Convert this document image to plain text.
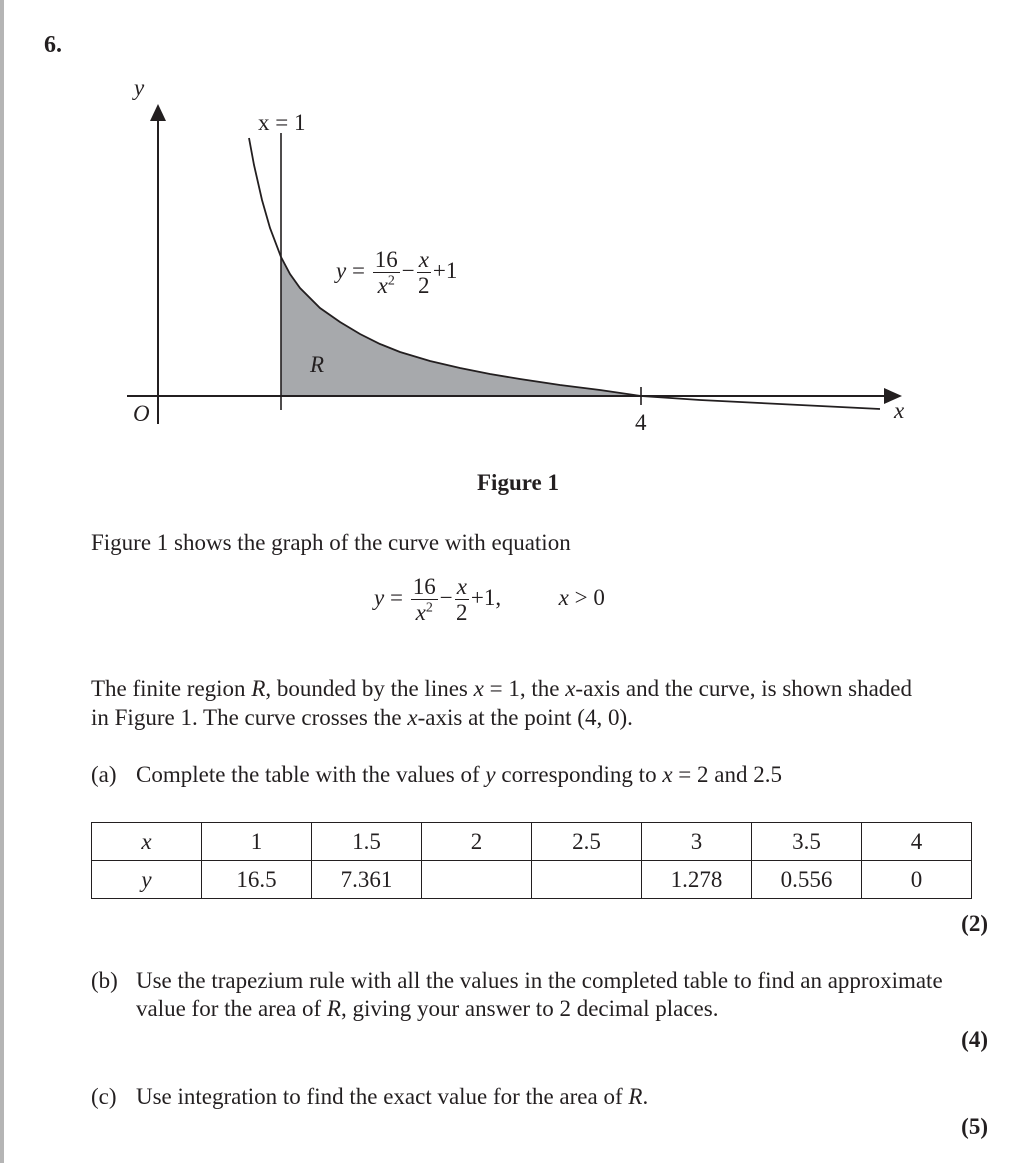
6.
y
x
O
x = 1
4
R
$y = \frac{16}{x^2} - \frac{x}{2} +1$
Figure 1
Figure 1 shows the graph of the curve with equation
$y = \frac{16}{x^2} - \frac{x}{2} +1$,	x > 0
The finite region R, bounded by the lines x = 1, the x-axis and the curve, is shown shaded
in Figure 1. The curve crosses the x-axis at the point (4, 0).
(a) Complete the table with the values of y corresponding to x = 2 and 2.5
x	1	1.5	2	2.5	3	3.5	4
y	16.5	7.361			1.278	0.556	0
(2)
(b) Use the trapezium rule with all the values in the completed table to find an approximate
value for the area of R, giving your answer to 2 decimal places.
(4)
(c) Use integration to find the exact value for the area of R.
(5)
